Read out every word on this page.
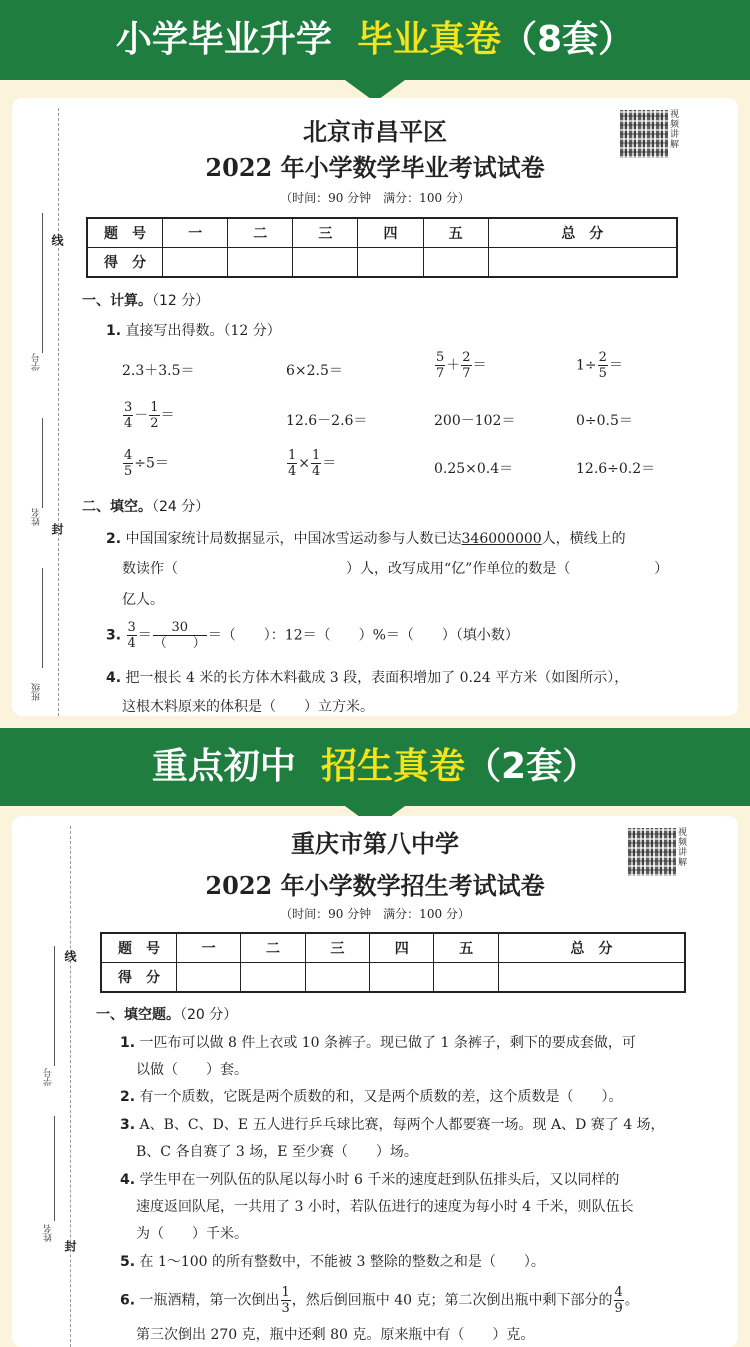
小学毕业升学 毕业真卷（8套）
学号
姓名
班级
线
封
北京市昌平区
2022 年小学数学毕业考试试卷
（时间：90 分钟　满分：100 分）
视
频
讲
解
题　号	一	二	三	四	五	总　分
得　分						
一、计算。（12 分）
1. 直接写出得数。（12 分）
2.3＋3.5＝	6×2.5＝	$\frac{5}{7} + \frac{2}{7}$ ＝	$1\div \frac{2}{5}$ ＝
$\frac{3}{4} - \frac{1}{2}$ ＝	12.6－2.6＝	200－102＝	0÷0.5＝
$\frac{4}{5} \div 5=$	$\frac{1}{4} \times \frac{1}{4}$ ＝	0.25×0.4＝	12.6÷0.2＝
二、填空。（24 分）
2. 中国国家统计局数据显示，中国冰雪运动参与人数已达346000000人，横线上的
数读作（　　　　　　　　　　　　）人，改写成用“亿”作单位的数是（　　　　　　）
亿人。
3. $\frac{3}{4} = \frac{30}{( )}$ ＝（　　）：12＝（　　）%＝（　　）（填小数）
4. 把一根长 4 米的长方体木料截成 3 段，表面积增加了 0.24 平方米（如图所示），
这根木料原来的体积是（　　）立方米。
重点初中 招生真卷（2套）
学号
姓名
线
封
重庆市第八中学
2022 年小学数学招生考试试卷
（时间：90 分钟　满分：100 分）
视
频
讲
解
题　号	一	二	三	四	五	总　分
得　分						
一、填空题。（20 分）
1. 一匹布可以做 8 件上衣或 10 条裤子。现已做了 1 条裤子，剩下的要成套做，可
以做（　　）套。
2. 有一个质数，它既是两个质数的和，又是两个质数的差，这个质数是（　　）。
3. A、B、C、D、E 五人进行乒乓球比赛，每两个人都要赛一场。现 A、D 赛了 4 场，
B、C 各自赛了 3 场，E 至少赛（　　）场。
4. 学生甲在一列队伍的队尾以每小时 6 千米的速度赶到队伍排头后，又以同样的
速度返回队尾，一共用了 3 小时，若队伍进行的速度为每小时 4 千米，则队伍长
为（　　）千米。
5. 在 1～100 的所有整数中，不能被 3 整除的整数之和是（　　）。
6. 一瓶酒精，第一次倒出 $\frac{1}{3}$ ，然后倒回瓶中 40 克；第二次倒出瓶中剩下部分的 $\frac{4}{9}$ 。
第三次倒出 270 克，瓶中还剩 80 克。原来瓶中有（　　）克。
